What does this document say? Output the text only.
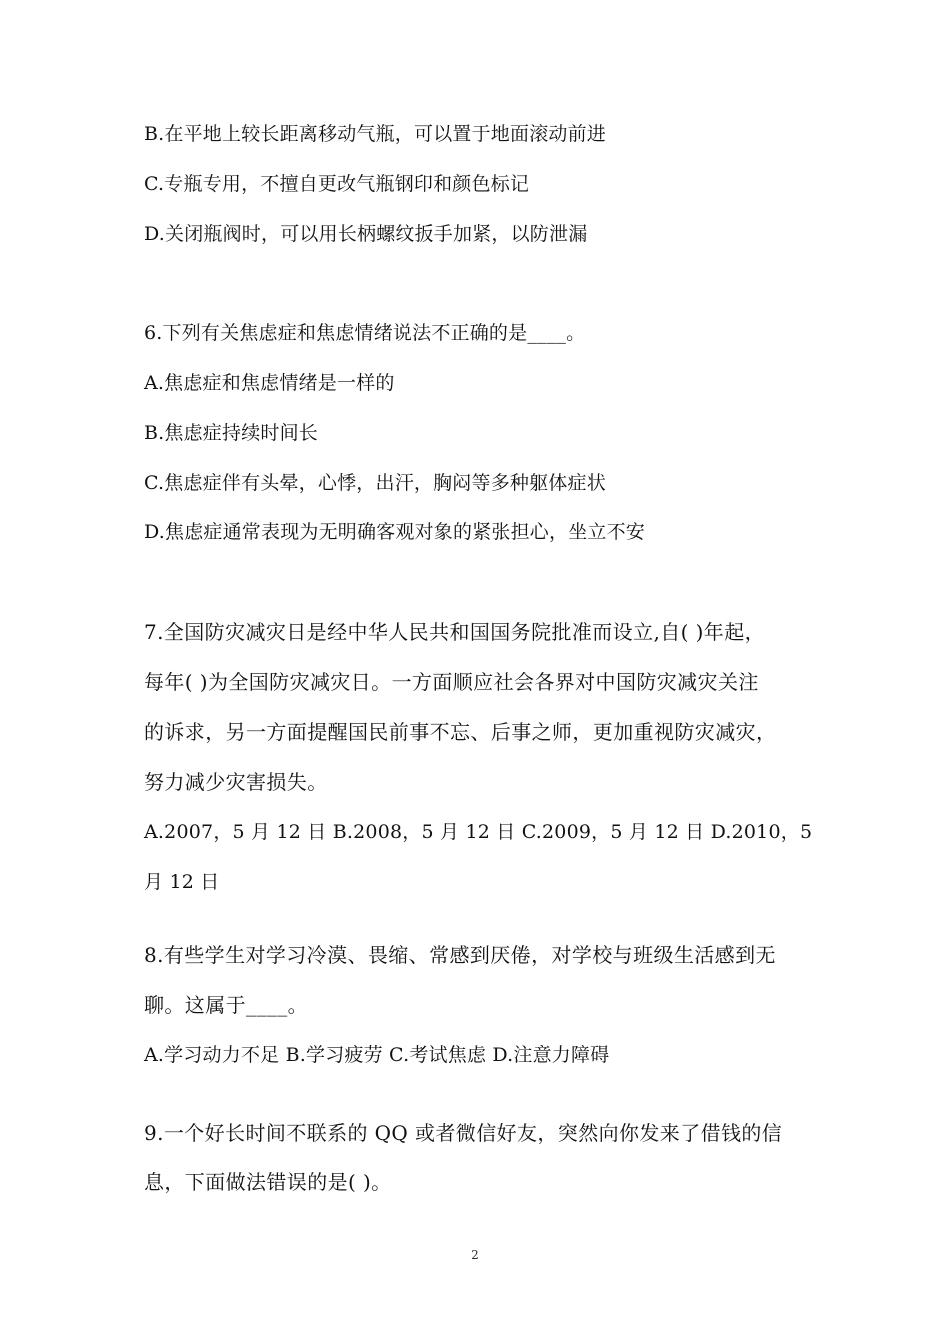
B.在平地上较长距离移动气瓶，可以置于地面滚动前进
C.专瓶专用，不擅自更改气瓶钢印和颜色标记
D.关闭瓶阀时，可以用长柄螺纹扳手加紧，以防泄漏
6.下列有关焦虑症和焦虑情绪说法不正确的是____。
A.焦虑症和焦虑情绪是一样的
B.焦虑症持续时间长
C.焦虑症伴有头晕，心悸，出汗，胸闷等多种躯体症状
D.焦虑症通常表现为无明确客观对象的紧张担心，坐立不安
7.全国防灾减灾日是经中华人民共和国国务院批准而设立,自( )年起，
每年( )为全国防灾减灾日。一方面顺应社会各界对中国防灾减灾关注
的诉求，另一方面提醒国民前事不忘、后事之师，更加重视防灾减灾，
努力减少灾害损失。
A.2007，5 月 12 日 B.2008，5 月 12 日 C.2009，5 月 12 日 D.2010，5
月 12 日
8.有些学生对学习冷漠、畏缩、常感到厌倦，对学校与班级生活感到无
聊。这属于____。
A.学习动力不足 B.学习疲劳 C.考试焦虑 D.注意力障碍
9.一个好长时间不联系的 QQ 或者微信好友，突然向你发来了借钱的信
息，下面做法错误的是( )。
2
